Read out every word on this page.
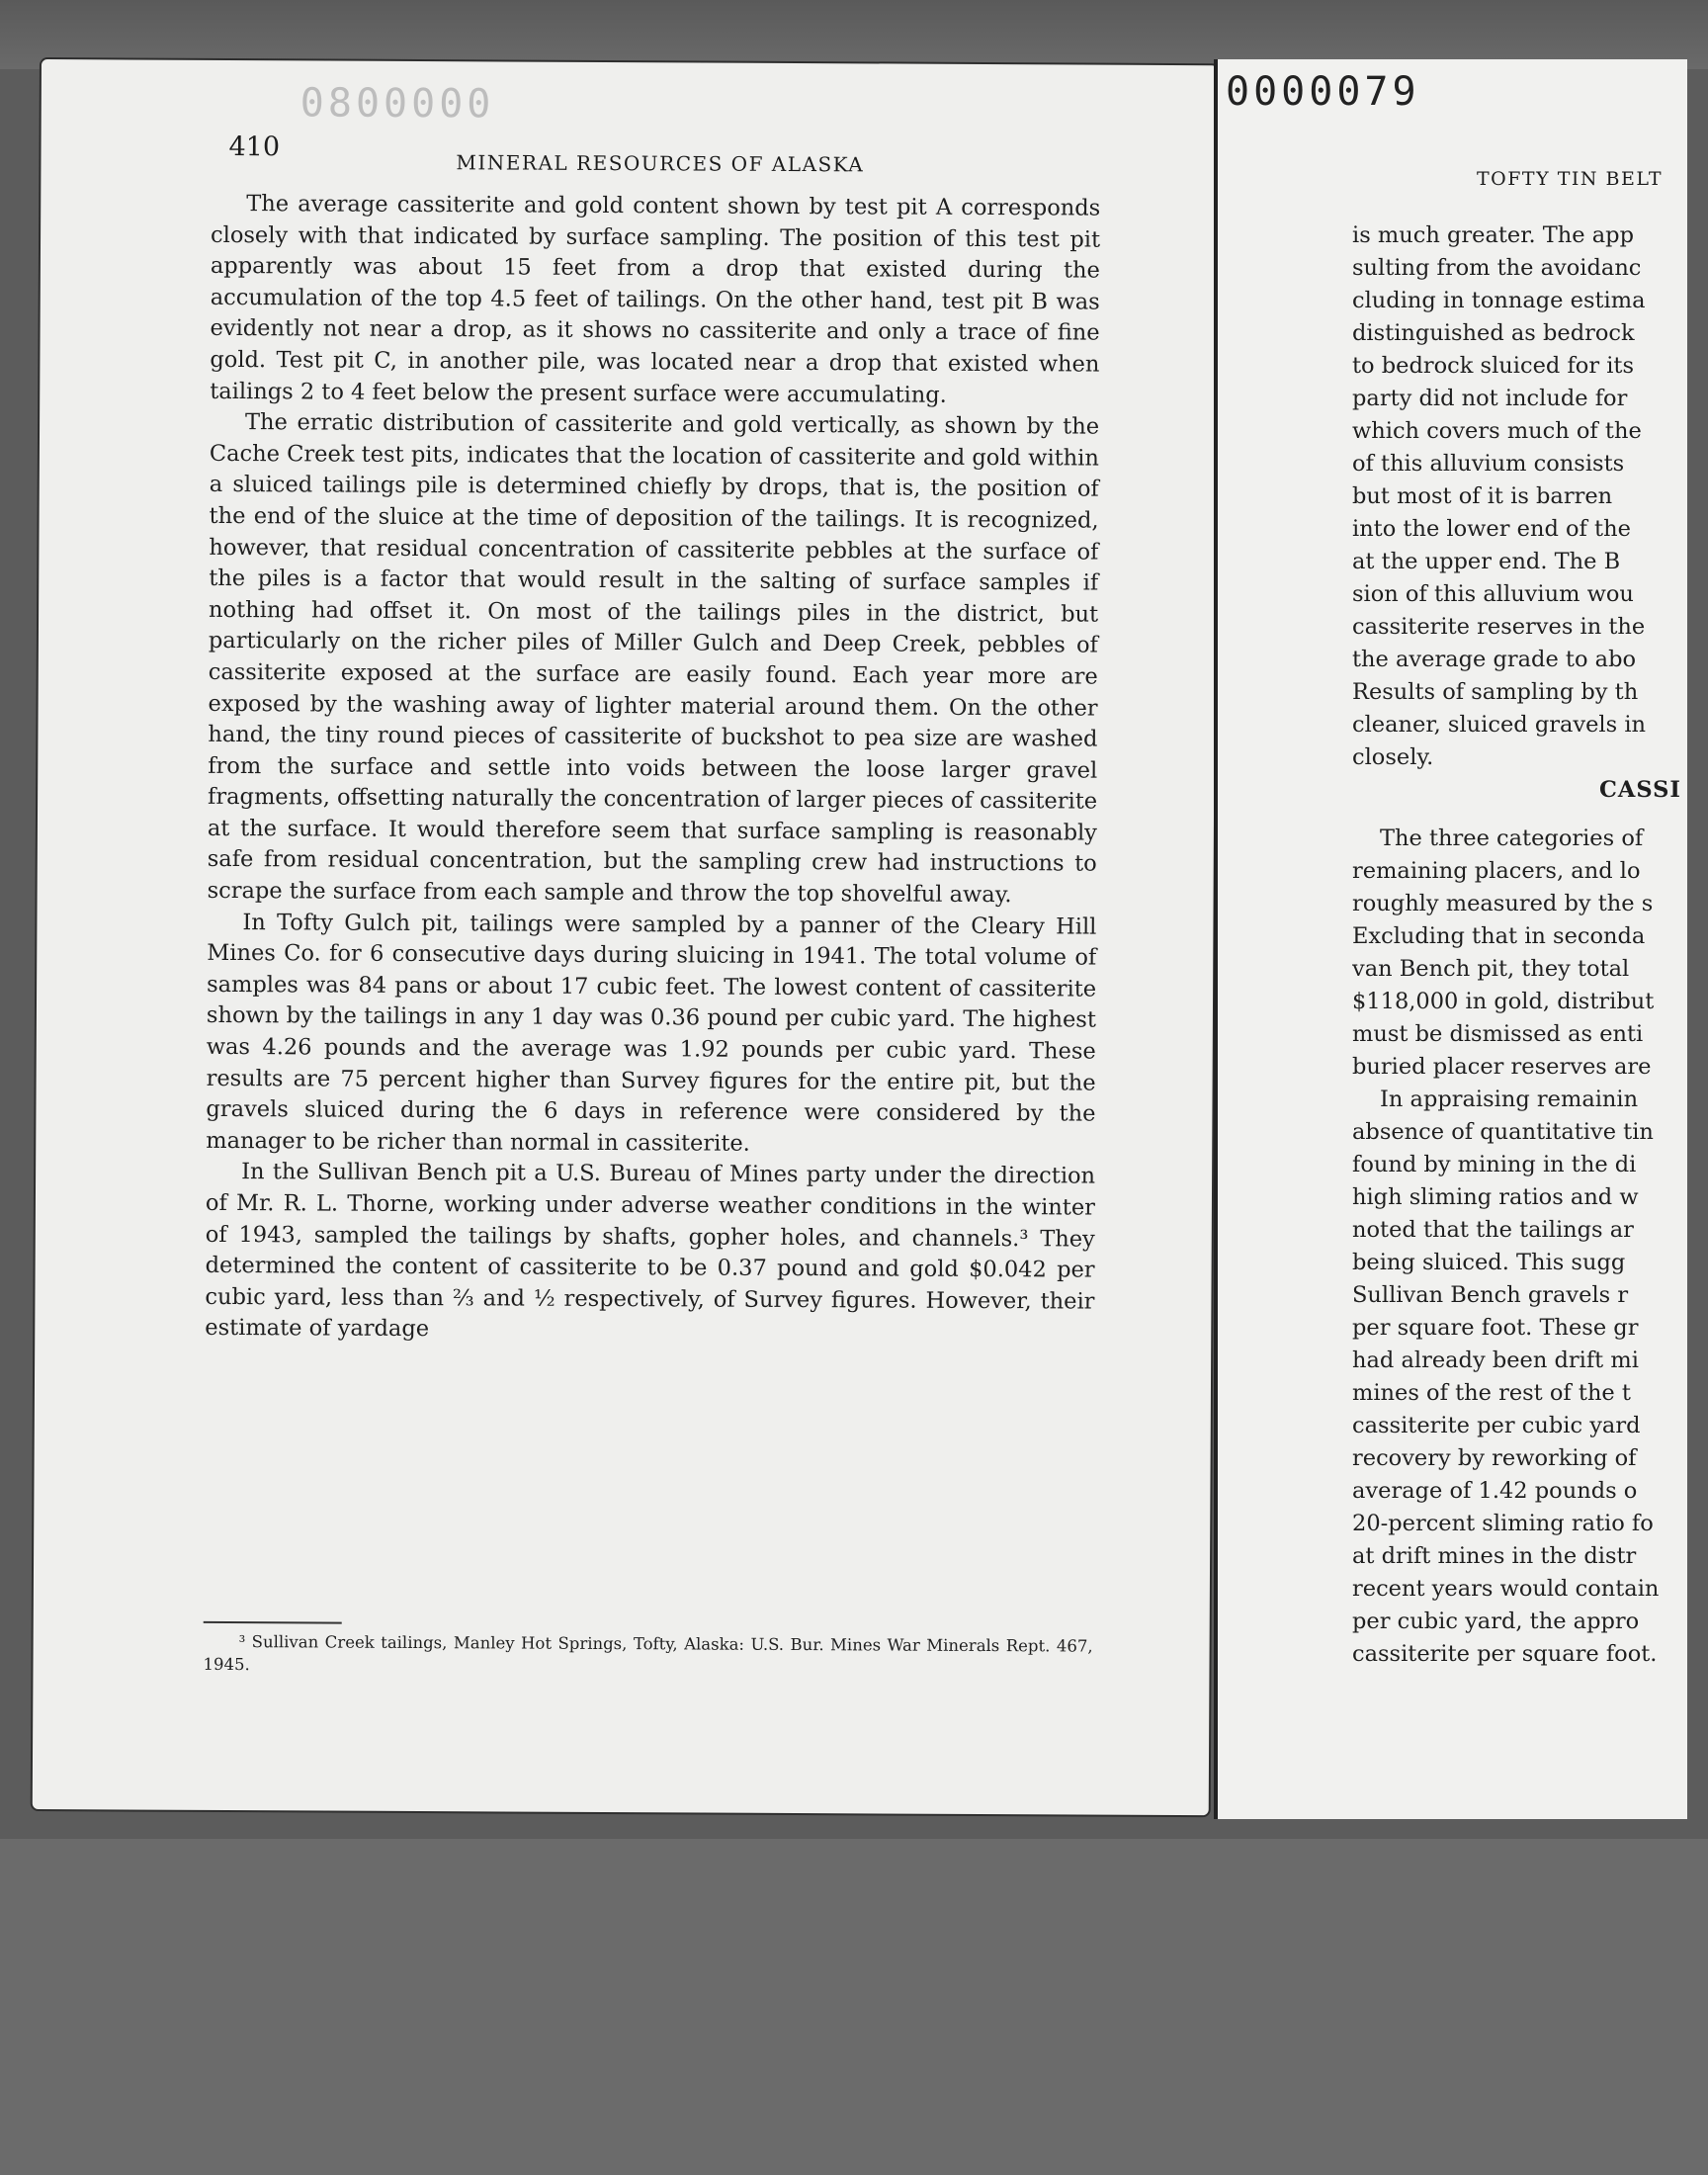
0000080
410
MINERAL RESOURCES OF ALASKA

The average cassiterite and gold content shown by test pit A corresponds closely with that indicated by surface sampling. The position of this test pit apparently was about 15 feet from a drop that existed during the accumulation of the top 4.5 feet of tailings. On the other hand, test pit B was evidently not near a drop, as it shows no cassiterite and only a trace of fine gold. Test pit C, in another pile, was located near a drop that existed when tailings 2 to 4 feet below the present surface were accumulating.

The erratic distribution of cassiterite and gold vertically, as shown by the Cache Creek test pits, indicates that the location of cassiterite and gold within a sluiced tailings pile is determined chiefly by drops, that is, the position of the end of the sluice at the time of deposition of the tailings. It is recognized, however, that residual concentration of cassiterite pebbles at the surface of the piles is a factor that would result in the salting of surface samples if nothing had offset it. On most of the tailings piles in the district, but particularly on the richer piles of Miller Gulch and Deep Creek, pebbles of cassiterite exposed at the surface are easily found. Each year more are exposed by the washing away of lighter material around them. On the other hand, the tiny round pieces of cassiterite of buckshot to pea size are washed from the surface and settle into voids between the loose larger gravel fragments, offsetting naturally the concentration of larger pieces of cassiterite at the surface. It would therefore seem that surface sampling is reasonably safe from residual concentration, but the sampling crew had instructions to scrape the surface from each sample and throw the top shovelful away.

In Tofty Gulch pit, tailings were sampled by a panner of the Cleary Hill Mines Co. for 6 consecutive days during sluicing in 1941. The total volume of samples was 84 pans or about 17 cubic feet. The lowest content of cassiterite shown by the tailings in any 1 day was 0.36 pound per cubic yard. The highest was 4.26 pounds and the average was 1.92 pounds per cubic yard. These results are 75 percent higher than Survey figures for the entire pit, but the gravels sluiced during the 6 days in reference were considered by the manager to be richer than normal in cassiterite.

In the Sullivan Bench pit a U.S. Bureau of Mines party under the direction of Mr. R. L. Thorne, working under adverse weather conditions in the winter of 1943, sampled the tailings by shafts, gopher holes, and channels.³ They determined the content of cassiterite to be 0.37 pound and gold $0.042 per cubic yard, less than ⅔ and ½ respectively, of Survey figures. However, their estimate of yardage

³ Sullivan Creek tailings, Manley Hot Springs, Tofty, Alaska: U.S. Bur. Mines War Minerals Rept. 467, 1945.
0000079
TOFTY TIN BELT
is much greater. The app
sulting from the avoidanc
cluding in tonnage estima
distinguished as bedrock
to bedrock sluiced for its
party did not include for
which covers much of the
of this alluvium consists
but most of it is barren
into the lower end of the
at the upper end. The B
sion of this alluvium wou
cassiterite reserves in the
the average grade to abo
Results of sampling by th
cleaner, sluiced gravels in
closely.
CASSI
The three categories of
remaining placers, and lo
roughly measured by the s
Excluding that in seconda
van Bench pit, they total
$118,000 in gold, distribut
must be dismissed as enti
buried placer reserves are
In appraising remainin
absence of quantitative tin
found by mining in the di
high sliming ratios and w
noted that the tailings ar
being sluiced. This sugg
Sullivan Bench gravels r
per square foot. These gr
had already been drift mi
mines of the rest of the t
cassiterite per cubic yard
recovery by reworking of
average of 1.42 pounds o
20-percent sliming ratio fo
at drift mines in the distr
recent years would contain
per cubic yard, the appro
cassiterite per square foot.
